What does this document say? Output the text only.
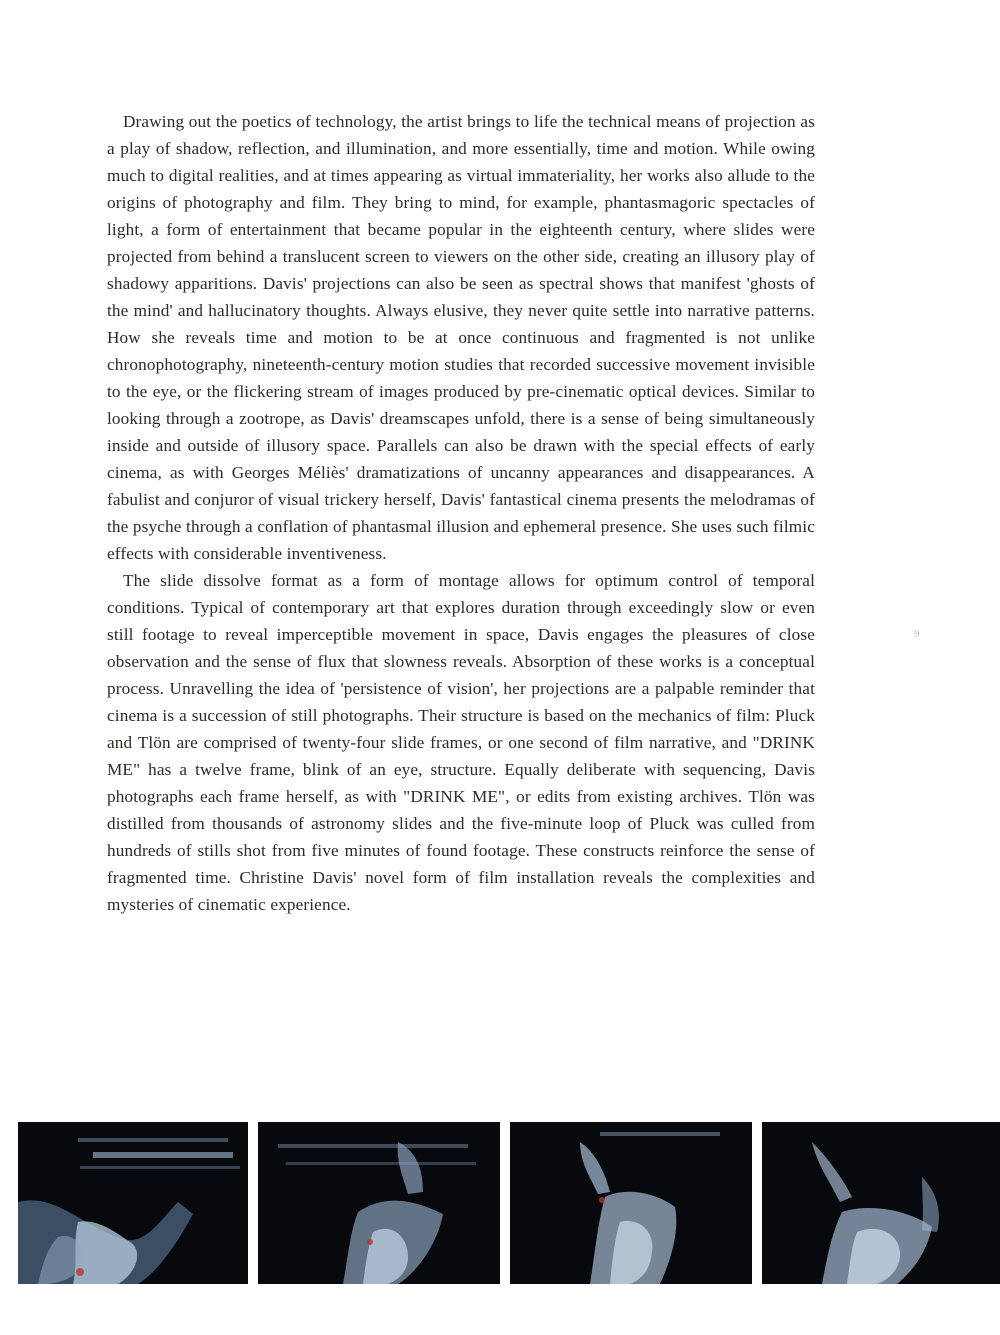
Drawing out the poetics of technology, the artist brings to life the technical means of projection as a play of shadow, reflection, and illumination, and more essentially, time and motion. While owing much to digital realities, and at times appearing as virtual immateriality, her works also allude to the origins of photography and film. They bring to mind, for example, phantasmagoric spectacles of light, a form of entertainment that became popular in the eighteenth century, where slides were projected from behind a translucent screen to viewers on the other side, creating an illusory play of shadowy apparitions. Davis' projections can also be seen as spectral shows that manifest 'ghosts of the mind' and hallucinatory thoughts. Always elusive, they never quite settle into narrative patterns. How she reveals time and motion to be at once continuous and fragmented is not unlike chronophotography, nineteenth-century motion studies that recorded successive movement invisible to the eye, or the flickering stream of images produced by pre-cinematic optical devices. Similar to looking through a zootrope, as Davis' dreamscapes unfold, there is a sense of being simultaneously inside and outside of illusory space. Parallels can also be drawn with the special effects of early cinema, as with Georges Méliès' dramatizations of uncanny appearances and disappearances. A fabulist and conjuror of visual trickery herself, Davis' fantastical cinema presents the melodramas of the psyche through a conflation of phantasmal illusion and ephemeral presence. She uses such filmic effects with considerable inventiveness.

The slide dissolve format as a form of montage allows for optimum control of temporal conditions. Typical of contemporary art that explores duration through exceedingly slow or even still footage to reveal imperceptible movement in space, Davis engages the pleasures of close observation and the sense of flux that slowness reveals. Absorption of these works is a conceptual process. Unravelling the idea of 'persistence of vision', her projections are a palpable reminder that cinema is a succession of still photographs. Their structure is based on the mechanics of film: Pluck and Tlön are comprised of twenty-four slide frames, or one second of film narrative, and "DRINK ME" has a twelve frame, blink of an eye, structure. Equally deliberate with sequencing, Davis photographs each frame herself, as with "DRINK ME", or edits from existing archives. Tlön was distilled from thousands of astronomy slides and the five-minute loop of Pluck was culled from hundreds of stills shot from five minutes of found footage. These constructs reinforce the sense of fragmented time. Christine Davis' novel form of film installation reveals the complexities and mysteries of cinematic experience.

9
